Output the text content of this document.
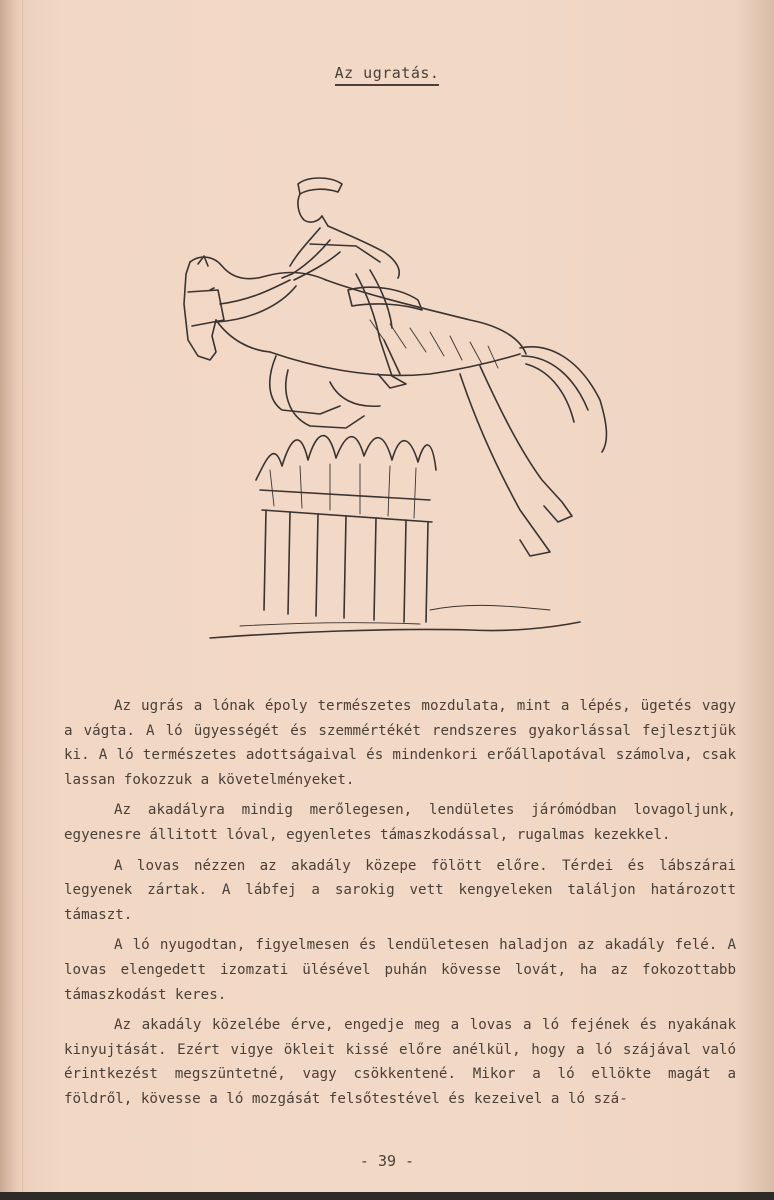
Az ugratás.

Az ugrás a lónak époly természetes mozdulata, mint a lépés, ügetés vagy a vágta. A ló ügyességét és szemmértékét rendszeres gyakorlással fejlesztjük ki. A ló természetes adottságaival és mindenkori erőállapotával számolva, csak lassan fokozzuk a követelményeket.

Az akadályra mindig merőlegesen, lendületes járómódban lovagoljunk, egyenesre állitott lóval, egyenletes támaszkodással, rugalmas kezekkel.

A lovas nézzen az akadály közepe fölött előre. Térdei és lábszárai legyenek zártak. A lábfej a sarokig vett kengyeleken találjon határozott támaszt.

A ló nyugodtan, figyelmesen és lendületesen haladjon az akadály felé. A lovas elengedett izomzati ülésével puhán kövesse lovát, ha az fokozottabb támaszkodást keres.

Az akadály közelébe érve, engedje meg a lovas a ló fejének és nyakának kinyujtását. Ezért vigye ökleit kissé előre anélkül, hogy a ló szájával való érintkezést megszüntetné, vagy csökkentené. Mikor a ló ellökte magát a földről, kövesse a ló mozgását felsőtestével és kezeivel a ló szá-

- 39 -
